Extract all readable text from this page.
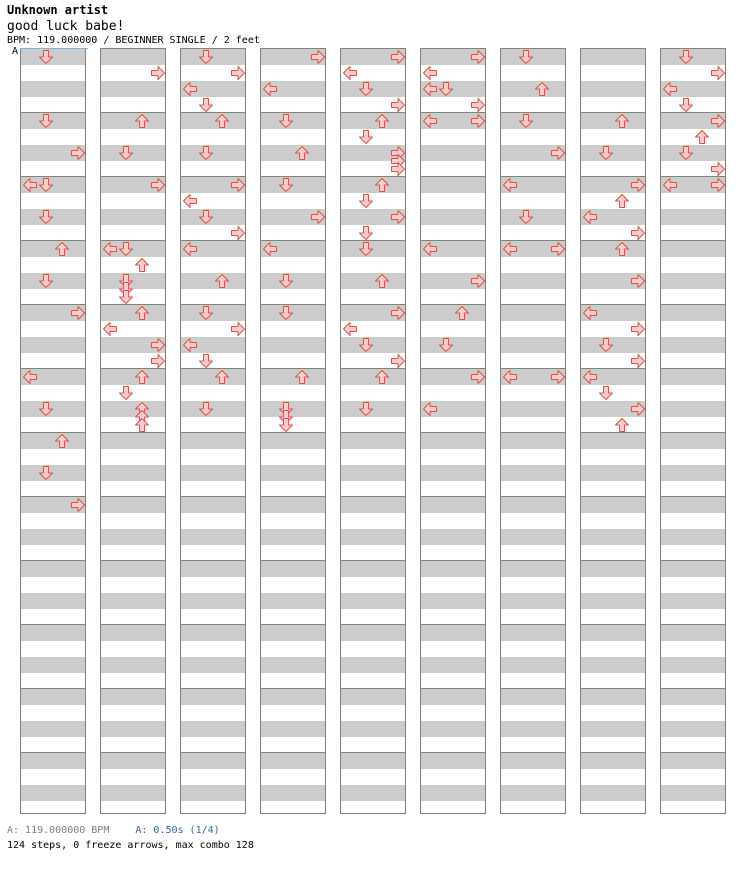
Unknown artist
good luck babe!
BPM: 119.000000 / BEGINNER SINGLE / 2 feet
A
A: 119.000000 BPM	A: 0.50s (1/4)
124 steps, 0 freeze arrows, max combo 128
